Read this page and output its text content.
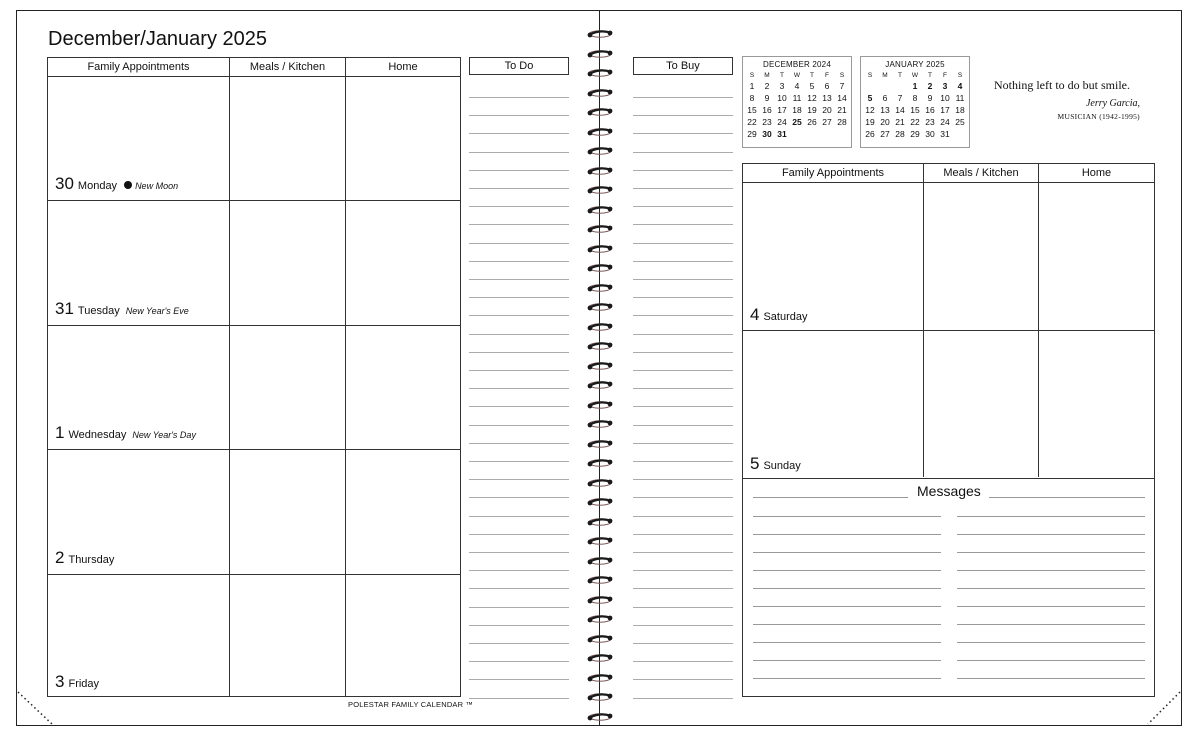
December/January 2025
Family Appointments	Meals / Kitchen	Home
30 Monday New Moon
31 Tuesday New Year's Eve
1 Wednesday New Year's Day
2 Thursday
3 Friday
To Do	To Buy	DECEMBER 2024
S	M	T	W	T	F	S
1	2	3	4	5	6	7
8	9	10	11	12	13	14
15	16	17	18	19	20	21
22	23	24	25	26	27	28
29	30	31				
JANUARY 2025
S	M	T	W	T	F	S
			1	2	3	4
5	6	7	8	9	10	11
12	13	14	15	16	17	18
19	20	21	22	23	24	25
26	27	28	29	30	31	
Nothing left to do but smile.
Jerry Garcia,
MUSICIAN (1942-1995)
Family Appointments	Meals / Kitchen	Home
4 Saturday
5 Sunday
Messages
POLESTAR FAMILY CALENDAR ™
